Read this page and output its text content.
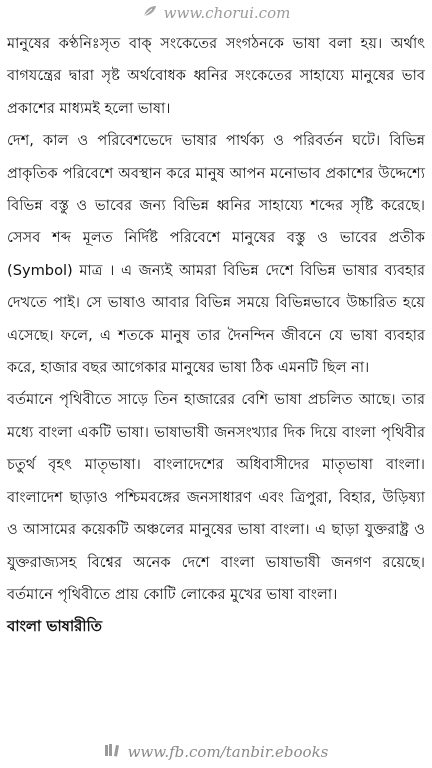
www.chorui.com

মানুষের কণ্ঠনিঃসৃত বাক্ সংকেতের সংগঠনকে ভাষা বলা হয়। অর্থাৎ বাগযন্ত্রের দ্বারা সৃষ্ট অর্থবোধক ধ্বনির সংকেতের সাহায্যে মানুষের ভাব প্রকাশের মাধ্যমই হলো ভাষা।

দেশ, কাল ও পরিবেশভেদে ভাষার পার্থক্য ও পরিবর্তন ঘটে। বিভিন্ন প্রাকৃতিক পরিবেশে অবস্থান করে মানুষ আপন মনোভাব প্রকাশের উদ্দেশ্যে বিভিন্ন বস্তু ও ভাবের জন্য বিভিন্ন ধ্বনির সাহায্যে শব্দের সৃষ্টি করেছে। সেসব শব্দ মূলত নির্দিষ্ট পরিবেশে মানুষের বস্তু ও ভাবের প্রতীক (Symbol) মাত্র । এ জন্যই আমরা বিভিন্ন দেশে বিভিন্ন ভাষার ব্যবহার দেখতে পাই। সে ভাষাও আবার বিভিন্ন সময়ে বিভিন্নভাবে উচ্চারিত হয়ে এসেছে। ফলে, এ শতকে মানুষ তার দৈনন্দিন জীবনে যে ভাষা ব্যবহার করে, হাজার বছর আগেকার মানুষের ভাষা ঠিক এমনটি ছিল না।

বর্তমানে পৃথিবীতে সাড়ে তিন হাজারের বেশি ভাষা প্রচলিত আছে। তার মধ্যে বাংলা একটি ভাষা। ভাষাভাষী জনসংখ্যার দিক দিয়ে বাংলা পৃথিবীর চতুর্থ বৃহৎ মাতৃভাষা। বাংলাদেশের অধিবাসীদের মাতৃভাষা বাংলা। বাংলাদেশ ছাড়াও পশ্চিমবঙ্গের জনসাধারণ এবং ত্রিপুরা, বিহার, উড়িষ্যা ও আসামের কয়েকটি অঞ্চলের মানুষের ভাষা বাংলা। এ ছাড়া যুক্তরাষ্ট্র ও যুক্তরাজ্যসহ বিশ্বের অনেক দেশে বাংলা ভাষাভাষী জনগণ রয়েছে। বর্তমানে পৃথিবীতে প্রায় কোটি লোকের মুখের ভাষা বাংলা।

বাংলা ভাষারীতি
www.fb.com/tanbir.ebooks
